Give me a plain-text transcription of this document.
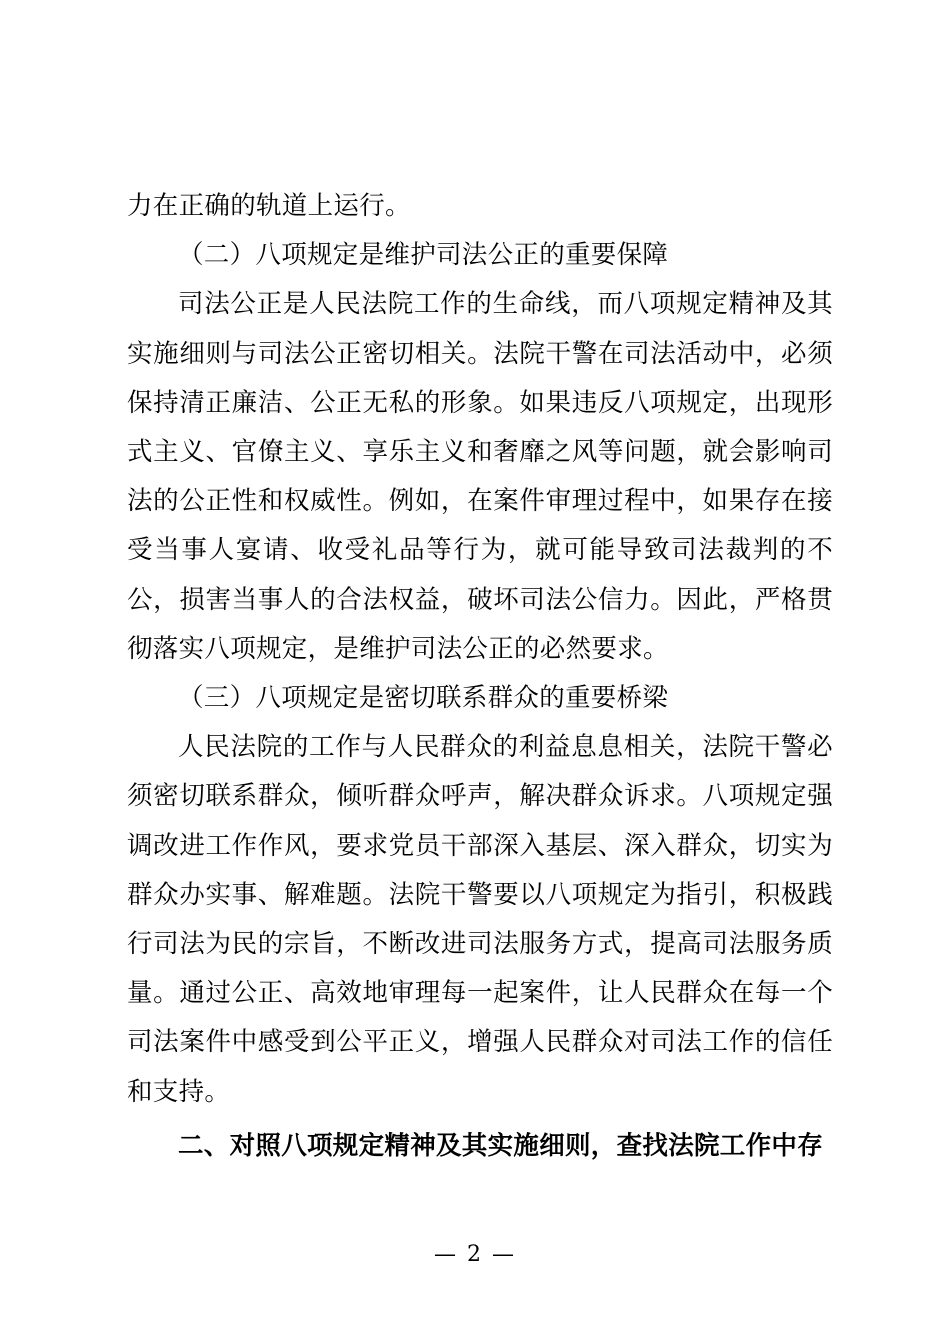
力在正确的轨道上运行。

（二）八项规定是维护司法公正的重要保障

司法公正是人民法院工作的生命线，而八项规定精神及其实施细则与司法公正密切相关。法院干警在司法活动中，必须保持清正廉洁、公正无私的形象。如果违反八项规定，出现形式主义、官僚主义、享乐主义和奢靡之风等问题，就会影响司法的公正性和权威性。例如，在案件审理过程中，如果存在接受当事人宴请、收受礼品等行为，就可能导致司法裁判的不公，损害当事人的合法权益，破坏司法公信力。因此，严格贯彻落实八项规定，是维护司法公正的必然要求。

（三）八项规定是密切联系群众的重要桥梁

人民法院的工作与人民群众的利益息息相关，法院干警必须密切联系群众，倾听群众呼声，解决群众诉求。八项规定强调改进工作作风，要求党员干部深入基层、深入群众，切实为群众办实事、解难题。法院干警要以八项规定为指引，积极践行司法为民的宗旨，不断改进司法服务方式，提高司法服务质量。通过公正、高效地审理每一起案件，让人民群众在每一个司法案件中感受到公平正义，增强人民群众对司法工作的信任和支持。

二、对照八项规定精神及其实施细则，查找法院工作中存

— 2 —
